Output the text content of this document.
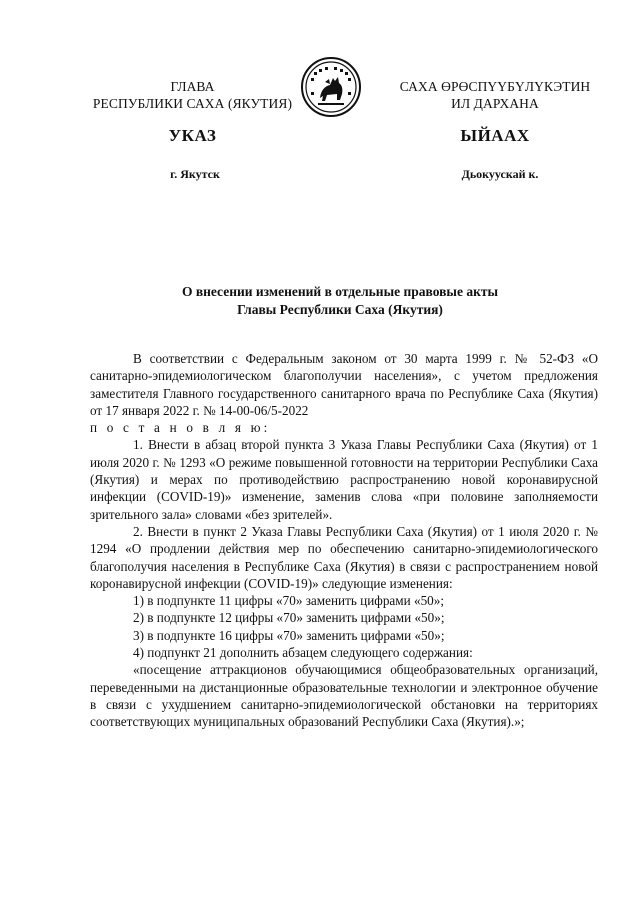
ГЛАВА
РЕСПУБЛИКИ САХА (ЯКУТИЯ)
САХА ӨРӨСПҮҮБҮЛҮКЭТИН
ИЛ ДАРХАНА
УКАЗ	ЫЙААХ
г. Якутск	Дьокуускай к.
О внесении изменений в отдельные правовые акты
Главы Республики Саха (Якутия)

В соответствии с Федеральным законом от 30 марта 1999 г. № 52-ФЗ «О санитарно-эпидемиологическом благополучии населения», с учетом предложения заместителя Главного государственного санитарного врача по Республике Саха (Якутия) от 17 января 2022 г. № 14-00-06/5-2022

п о с т а н о в л я ю:

1. Внести в абзац второй пункта 3 Указа Главы Республики Саха (Якутия) от 1 июля 2020 г. № 1293 «О режиме повышенной готовности на территории Республики Саха (Якутия) и мерах по противодействию распространению новой коронавирусной инфекции (COVID-19)» изменение, заменив слова «при половине заполняемости зрительного зала» словами «без зрителей».

2. Внести в пункт 2 Указа Главы Республики Саха (Якутия) от 1 июля 2020 г. № 1294 «О продлении действия мер по обеспечению санитарно-эпидемиологического благополучия населения в Республике Саха (Якутия) в связи с распространением новой коронавирусной инфекции (COVID-19)» следующие изменения:

1) в подпункте 11 цифры «70» заменить цифрами «50»;

2) в подпункте 12 цифры «70» заменить цифрами «50»;

3) в подпункте 16 цифры «70» заменить цифрами «50»;

4) подпункт 21 дополнить абзацем следующего содержания:

«посещение аттракционов обучающимися общеобразовательных организаций, переведенными на дистанционные образовательные технологии и электронное обучение в связи с ухудшением санитарно-эпидемиологической обстановки на территориях соответствующих муниципальных образований Республики Саха (Якутия).»;
